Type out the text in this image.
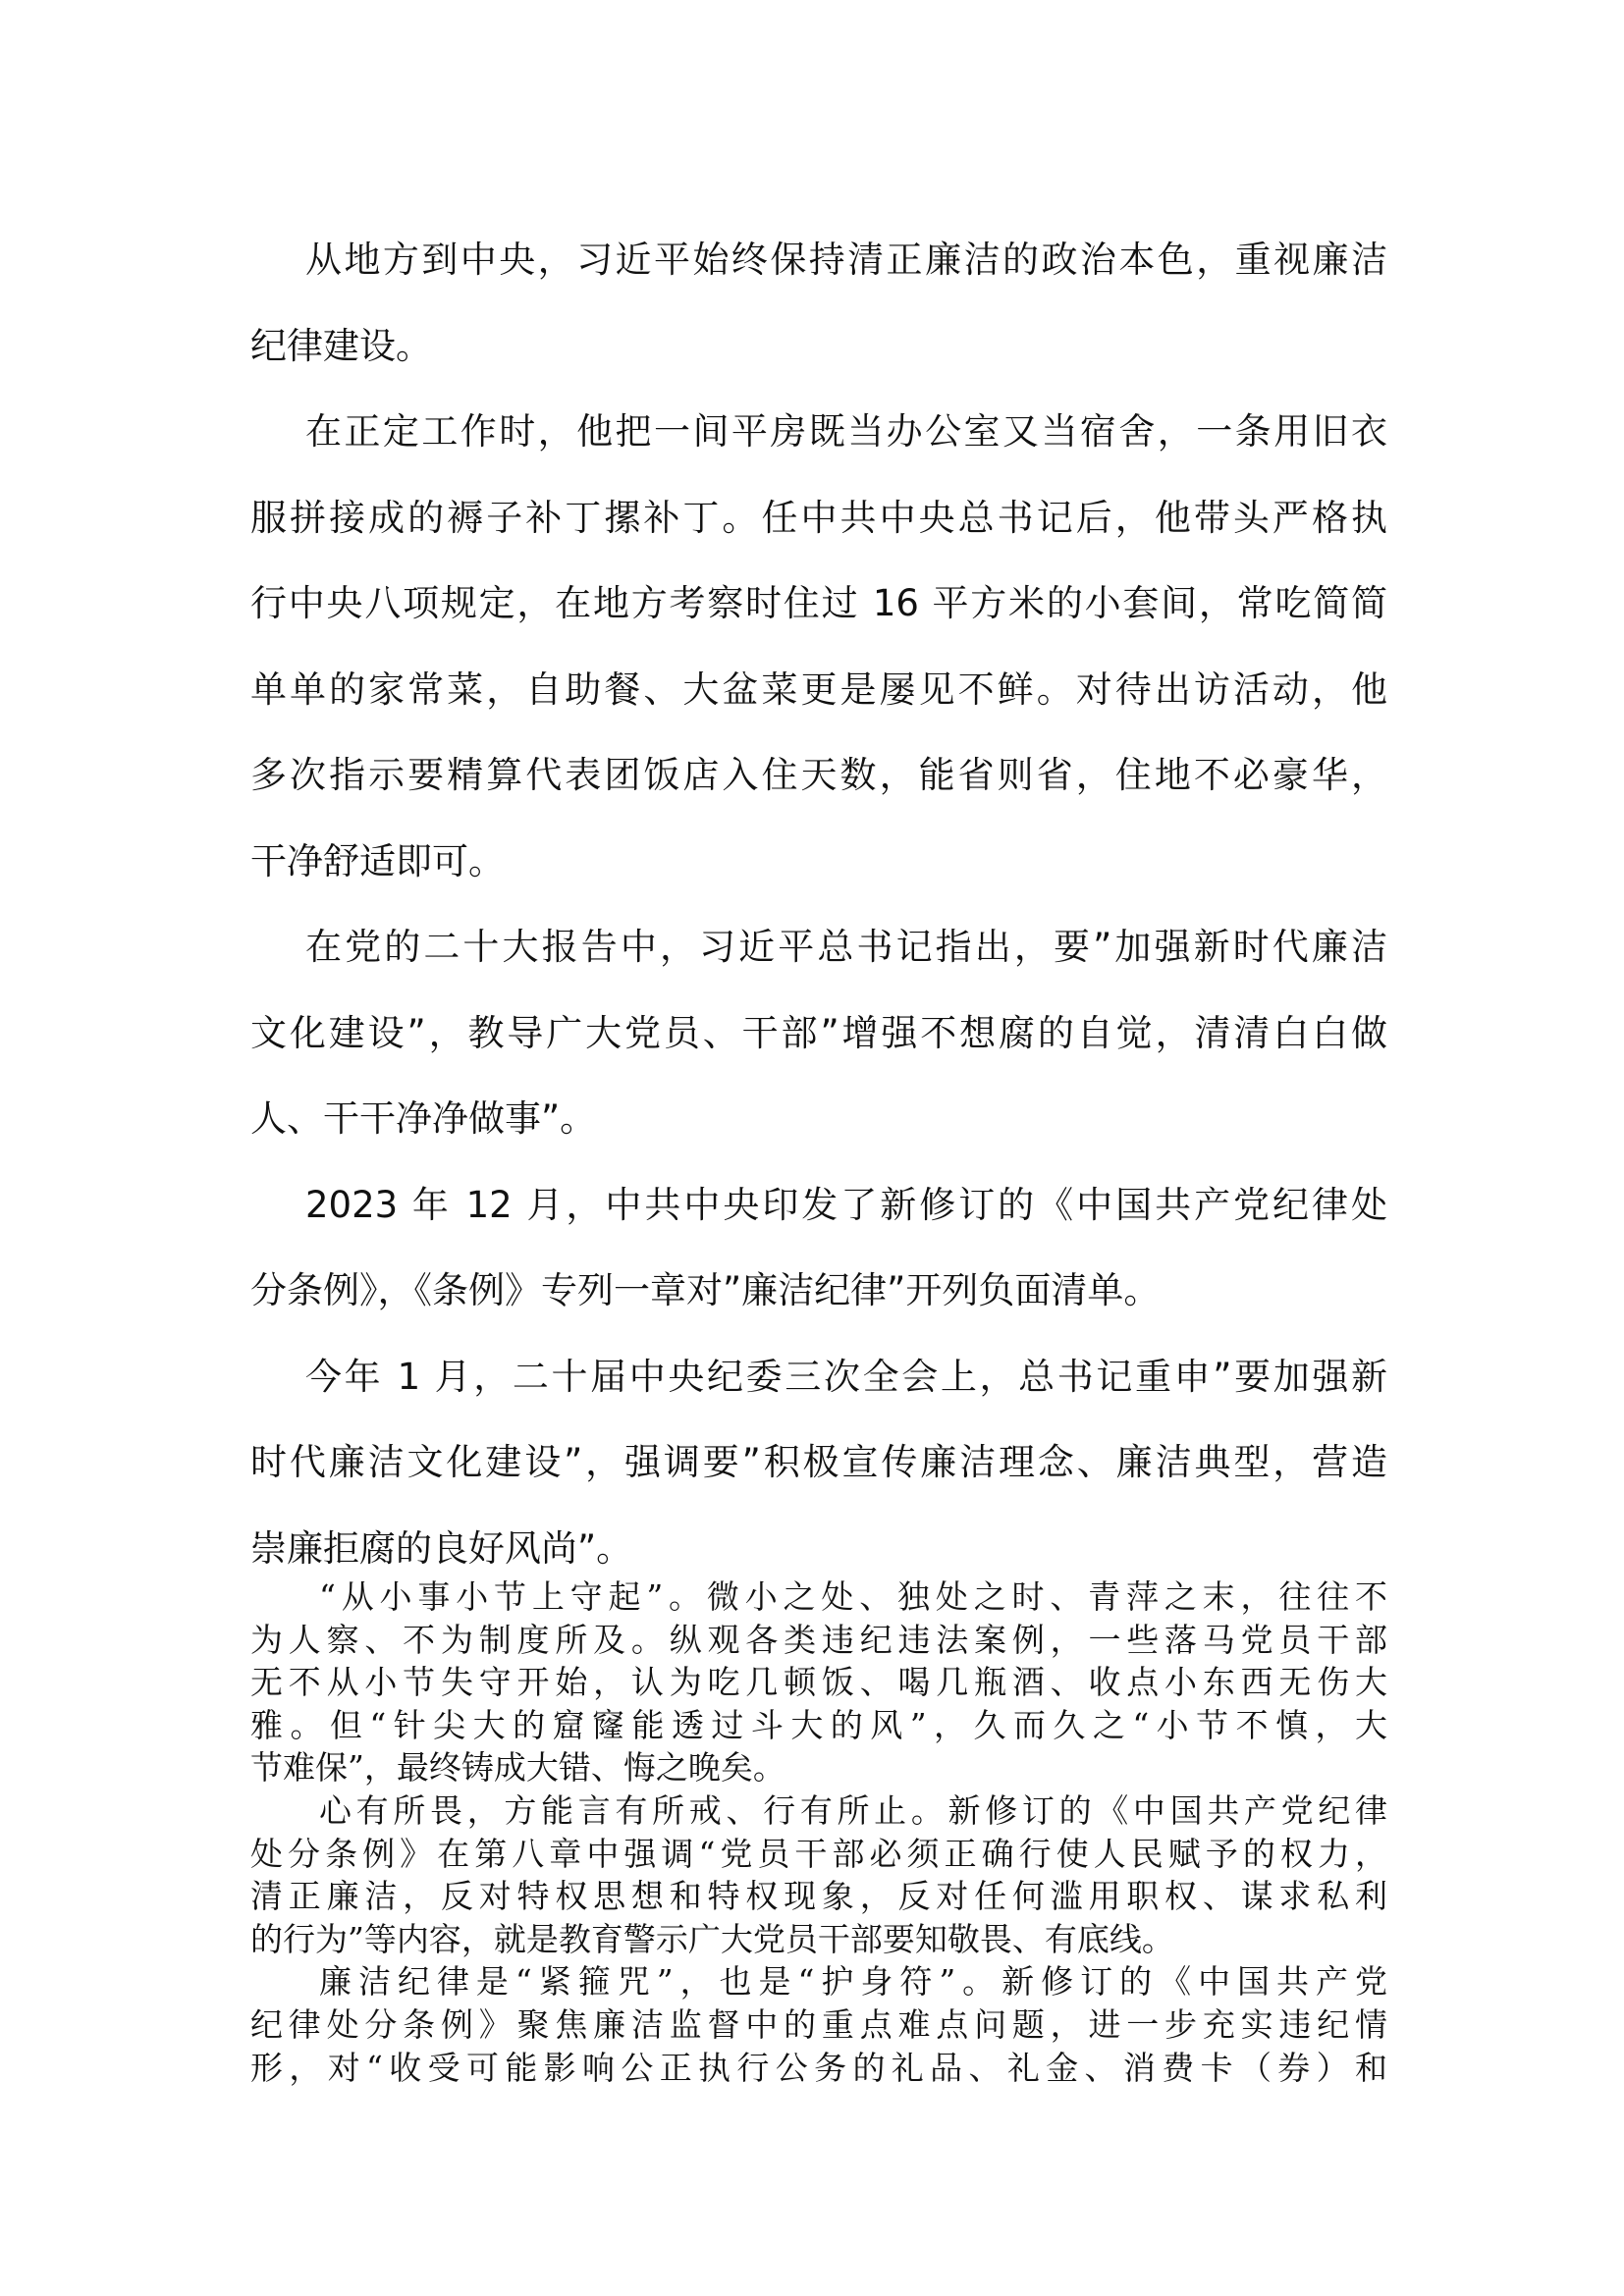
从地方到中央，习近平始终保持清正廉洁的政治本色，重视廉洁
纪律建设。
在正定工作时，他把一间平房既当办公室又当宿舍，一条用旧衣
服拼接成的褥子补丁摞补丁。任中共中央总书记后，他带头严格执
行中央八项规定，在地方考察时住过 16 平方米的小套间，常吃简简
单单的家常菜，自助餐、大盆菜更是屡见不鲜。对待出访活动，他
多次指示要精算代表团饭店入住天数，能省则省，住地不必豪华，
干净舒适即可。
在党的二十大报告中，习近平总书记指出，要”加强新时代廉洁
文化建设”，教导广大党员、干部”增强不想腐的自觉，清清白白做
人、干干净净做事”。
2023 年 12 月，中共中央印发了新修订的《中国共产党纪律处
分条例》，《条例》专列一章对”廉洁纪律”开列负面清单。
今年 1 月，二十届中央纪委三次全会上，总书记重申”要加强新
时代廉洁文化建设”，强调要”积极宣传廉洁理念、廉洁典型，营造
崇廉拒腐的良好风尚”。
“从小事小节上守起”。微小之处、独处之时、青萍之末，往往不
为人察、不为制度所及。纵观各类违纪违法案例，一些落马党员干部
无不从小节失守开始，认为吃几顿饭、喝几瓶酒、收点小东西无伤大
雅。但“针尖大的窟窿能透过斗大的风”，久而久之“小节不慎，大
节难保”，最终铸成大错、悔之晚矣。
心有所畏，方能言有所戒、行有所止。新修订的《中国共产党纪律
处分条例》在第八章中强调“党员干部必须正确行使人民赋予的权力，
清正廉洁，反对特权思想和特权现象，反对任何滥用职权、谋求私利
的行为”等内容，就是教育警示广大党员干部要知敬畏、有底线。
廉洁纪律是“紧箍咒”，也是“护身符”。新修订的《中国共产党
纪律处分条例》聚焦廉洁监督中的重点难点问题，进一步充实违纪情
形，对“收受可能影响公正执行公务的礼品、礼金、消费卡（券）和
